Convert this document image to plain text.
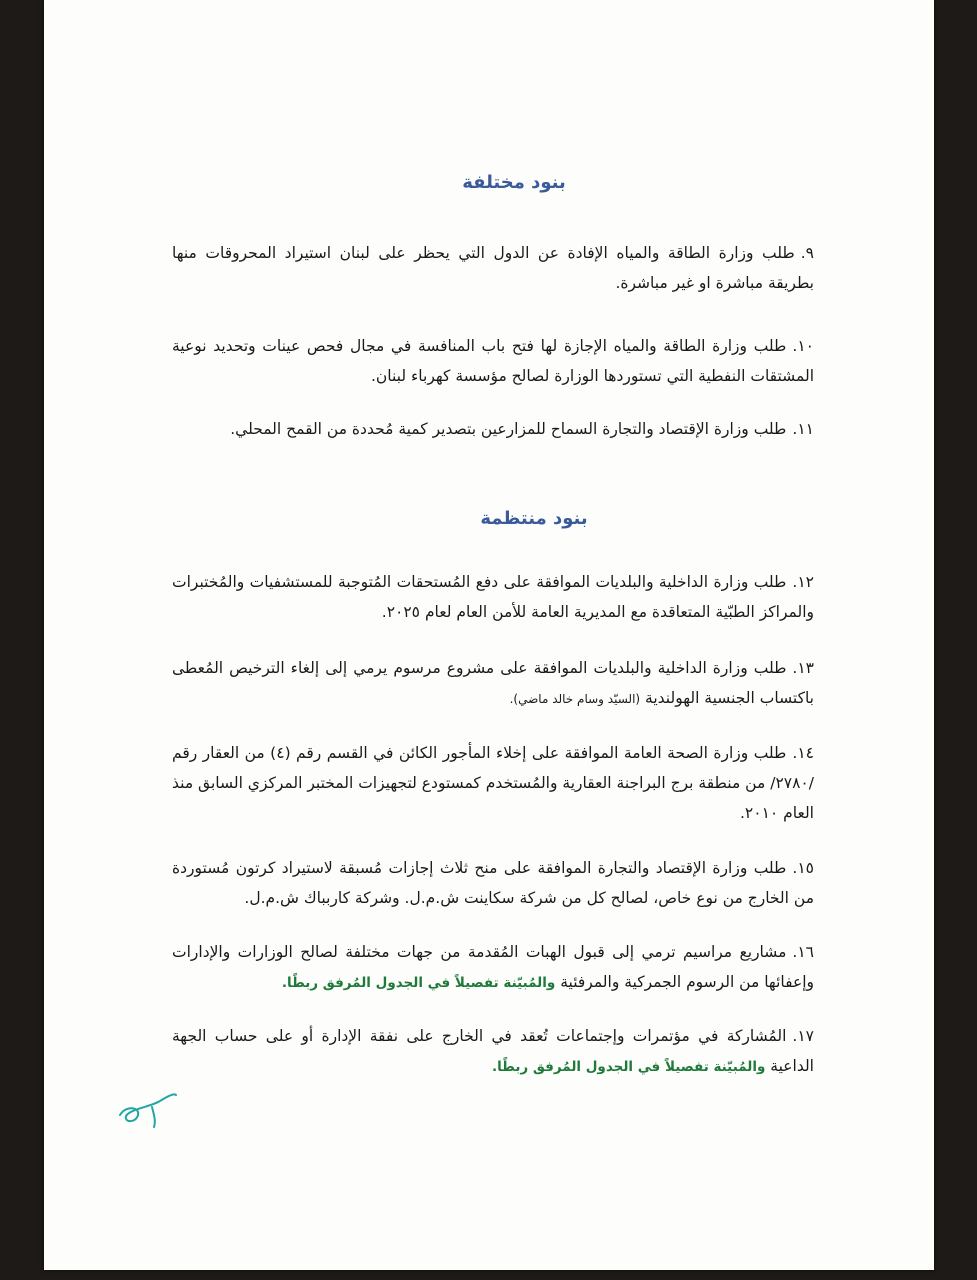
بنود مختلفة
٩.طلب وزارة الطاقة والمياه الإفادة عن الدول التي يحظر على لبنان استيراد المحروقات منها بطريقة مباشرة او غير مباشرة.
١٠.طلب وزارة الطاقة والمياه الإجازة لها فتح باب المنافسة في مجال فحص عينات وتحديد نوعية المشتقات النفطية التي تستوردها الوزارة لصالح مؤسسة كهرباء لبنان.
١١.طلب وزارة الإقتصاد والتجارة السماح للمزارعين بتصدير كمية مُحددة من القمح المحلي.
بنود منتظمة
١٢.طلب وزارة الداخلية والبلديات الموافقة على دفع المُستحقات المُتوجبة للمستشفيات والمُختبرات والمراكز الطبّية المتعاقدة مع المديرية العامة للأمن العام لعام ٢٠٢٥.
١٣.طلب وزارة الداخلية والبلديات الموافقة على مشروع مرسوم يرمي إلى إلغاء الترخيص المُعطى باكتساب الجنسية الهولندية (السيّد وسام خالد ماضي).
١٤.طلب وزارة الصحة العامة الموافقة على إخلاء المأجور الكائن في القسم رقم (٤) من العقار رقم /٢٧٨٠/ من منطقة برج البراجنة العقارية والمُستخدم كمستودع لتجهيزات المختبر المركزي السابق منذ العام ٢٠١٠.
١٥.طلب وزارة الإقتصاد والتجارة الموافقة على منح ثلاث إجازات مُسبقة لاستيراد كرتون مُستوردة من الخارج من نوع خاص، لصالح كل من شركة سكاينت ش.م.ل. وشركة كاربباك ش.م.ل.
١٦.مشاريع مراسيم ترمي إلى قبول الهبات المُقدمة من جهات مختلفة لصالح الوزارات والإدارات وإعفائها من الرسوم الجمركية والمرفئية والمُبيّنة تفصيلاً في الجدول المُرفق ربطًا.
١٧.المُشاركة في مؤتمرات وإجتماعات تُعقد في الخارج على نفقة الإدارة أو على حساب الجهة الداعية والمُبيّنة تفصيلاً في الجدول المُرفق ربطًا.
